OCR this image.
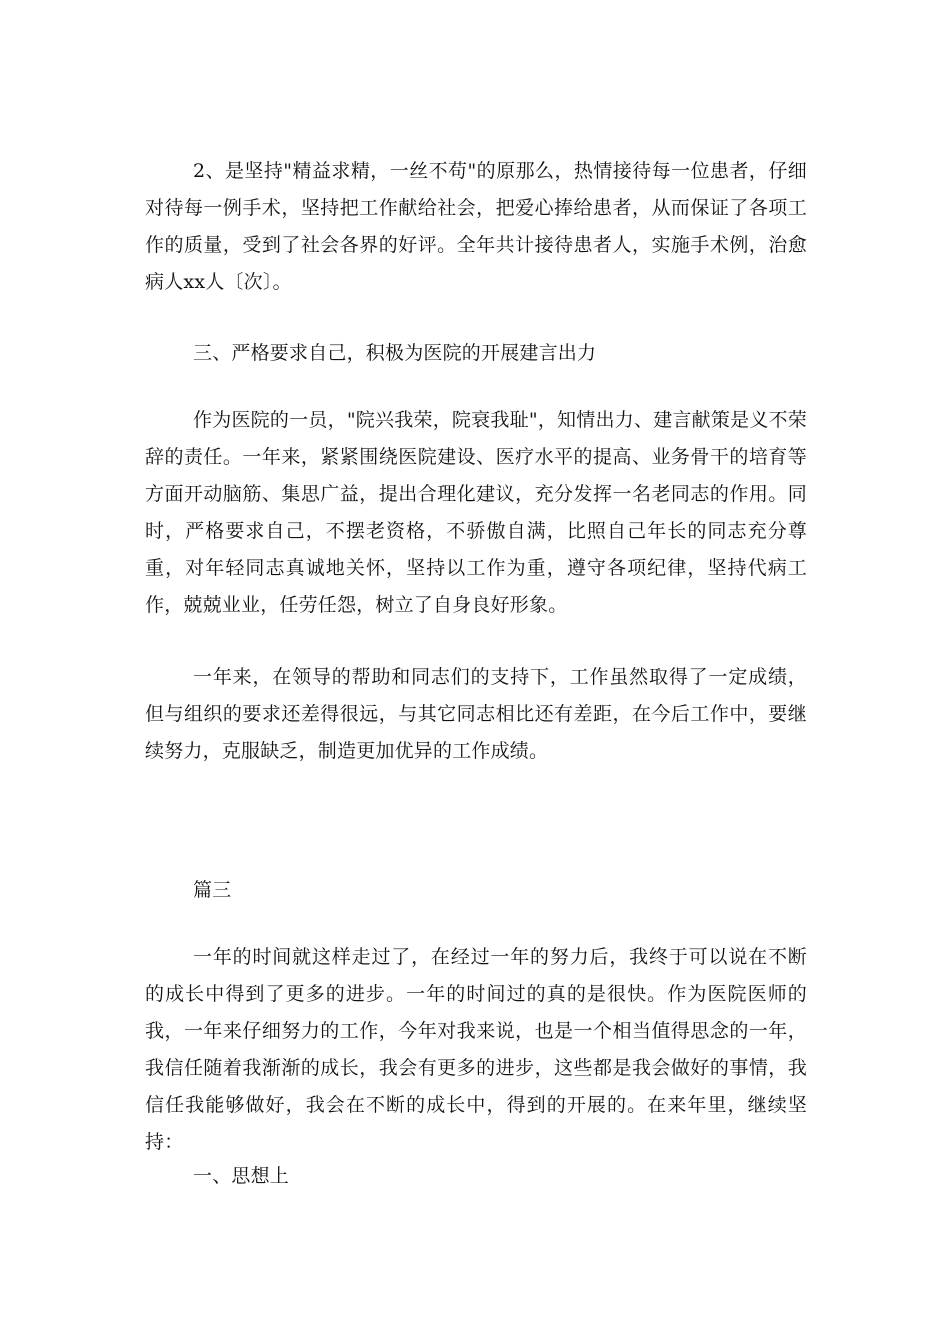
2、是坚持"精益求精，一丝不苟"的原那么，热情接待每一位患者，仔细对待每一例手术，坚持把工作献给社会，把爱心捧给患者，从而保证了各项工作的质量，受到了社会各界的好评。全年共计接待患者人，实施手术例，治愈病人xx人〔次〕。

三、严格要求自己，积极为医院的开展建言出力

作为医院的一员，"院兴我荣，院衰我耻"，知情出力、建言献策是义不荣辞的责任。一年来，紧紧围绕医院建设、医疗水平的提高、业务骨干的培育等方面开动脑筋、集思广益，提出合理化建议，充分发挥一名老同志的作用。同时，严格要求自己，不摆老资格，不骄傲自满，比照自己年长的同志充分尊重，对年轻同志真诚地关怀，坚持以工作为重，遵守各项纪律，坚持代病工作，兢兢业业，任劳任怨，树立了自身良好形象。

一年来，在领导的帮助和同志们的支持下，工作虽然取得了一定成绩，但与组织的要求还差得很远，与其它同志相比还有差距，在今后工作中，要继续努力，克服缺乏，制造更加优异的工作成绩。

篇三

一年的时间就这样走过了，在经过一年的努力后，我终于可以说在不断的成长中得到了更多的进步。一年的时间过的真的是很快。作为医院医师的我，一年来仔细努力的工作，今年对我来说，也是一个相当值得思念的一年，我信任随着我渐渐的成长，我会有更多的进步，这些都是我会做好的事情，我信任我能够做好，我会在不断的成长中，得到的开展的。在来年里，继续坚持：

一、思想上
